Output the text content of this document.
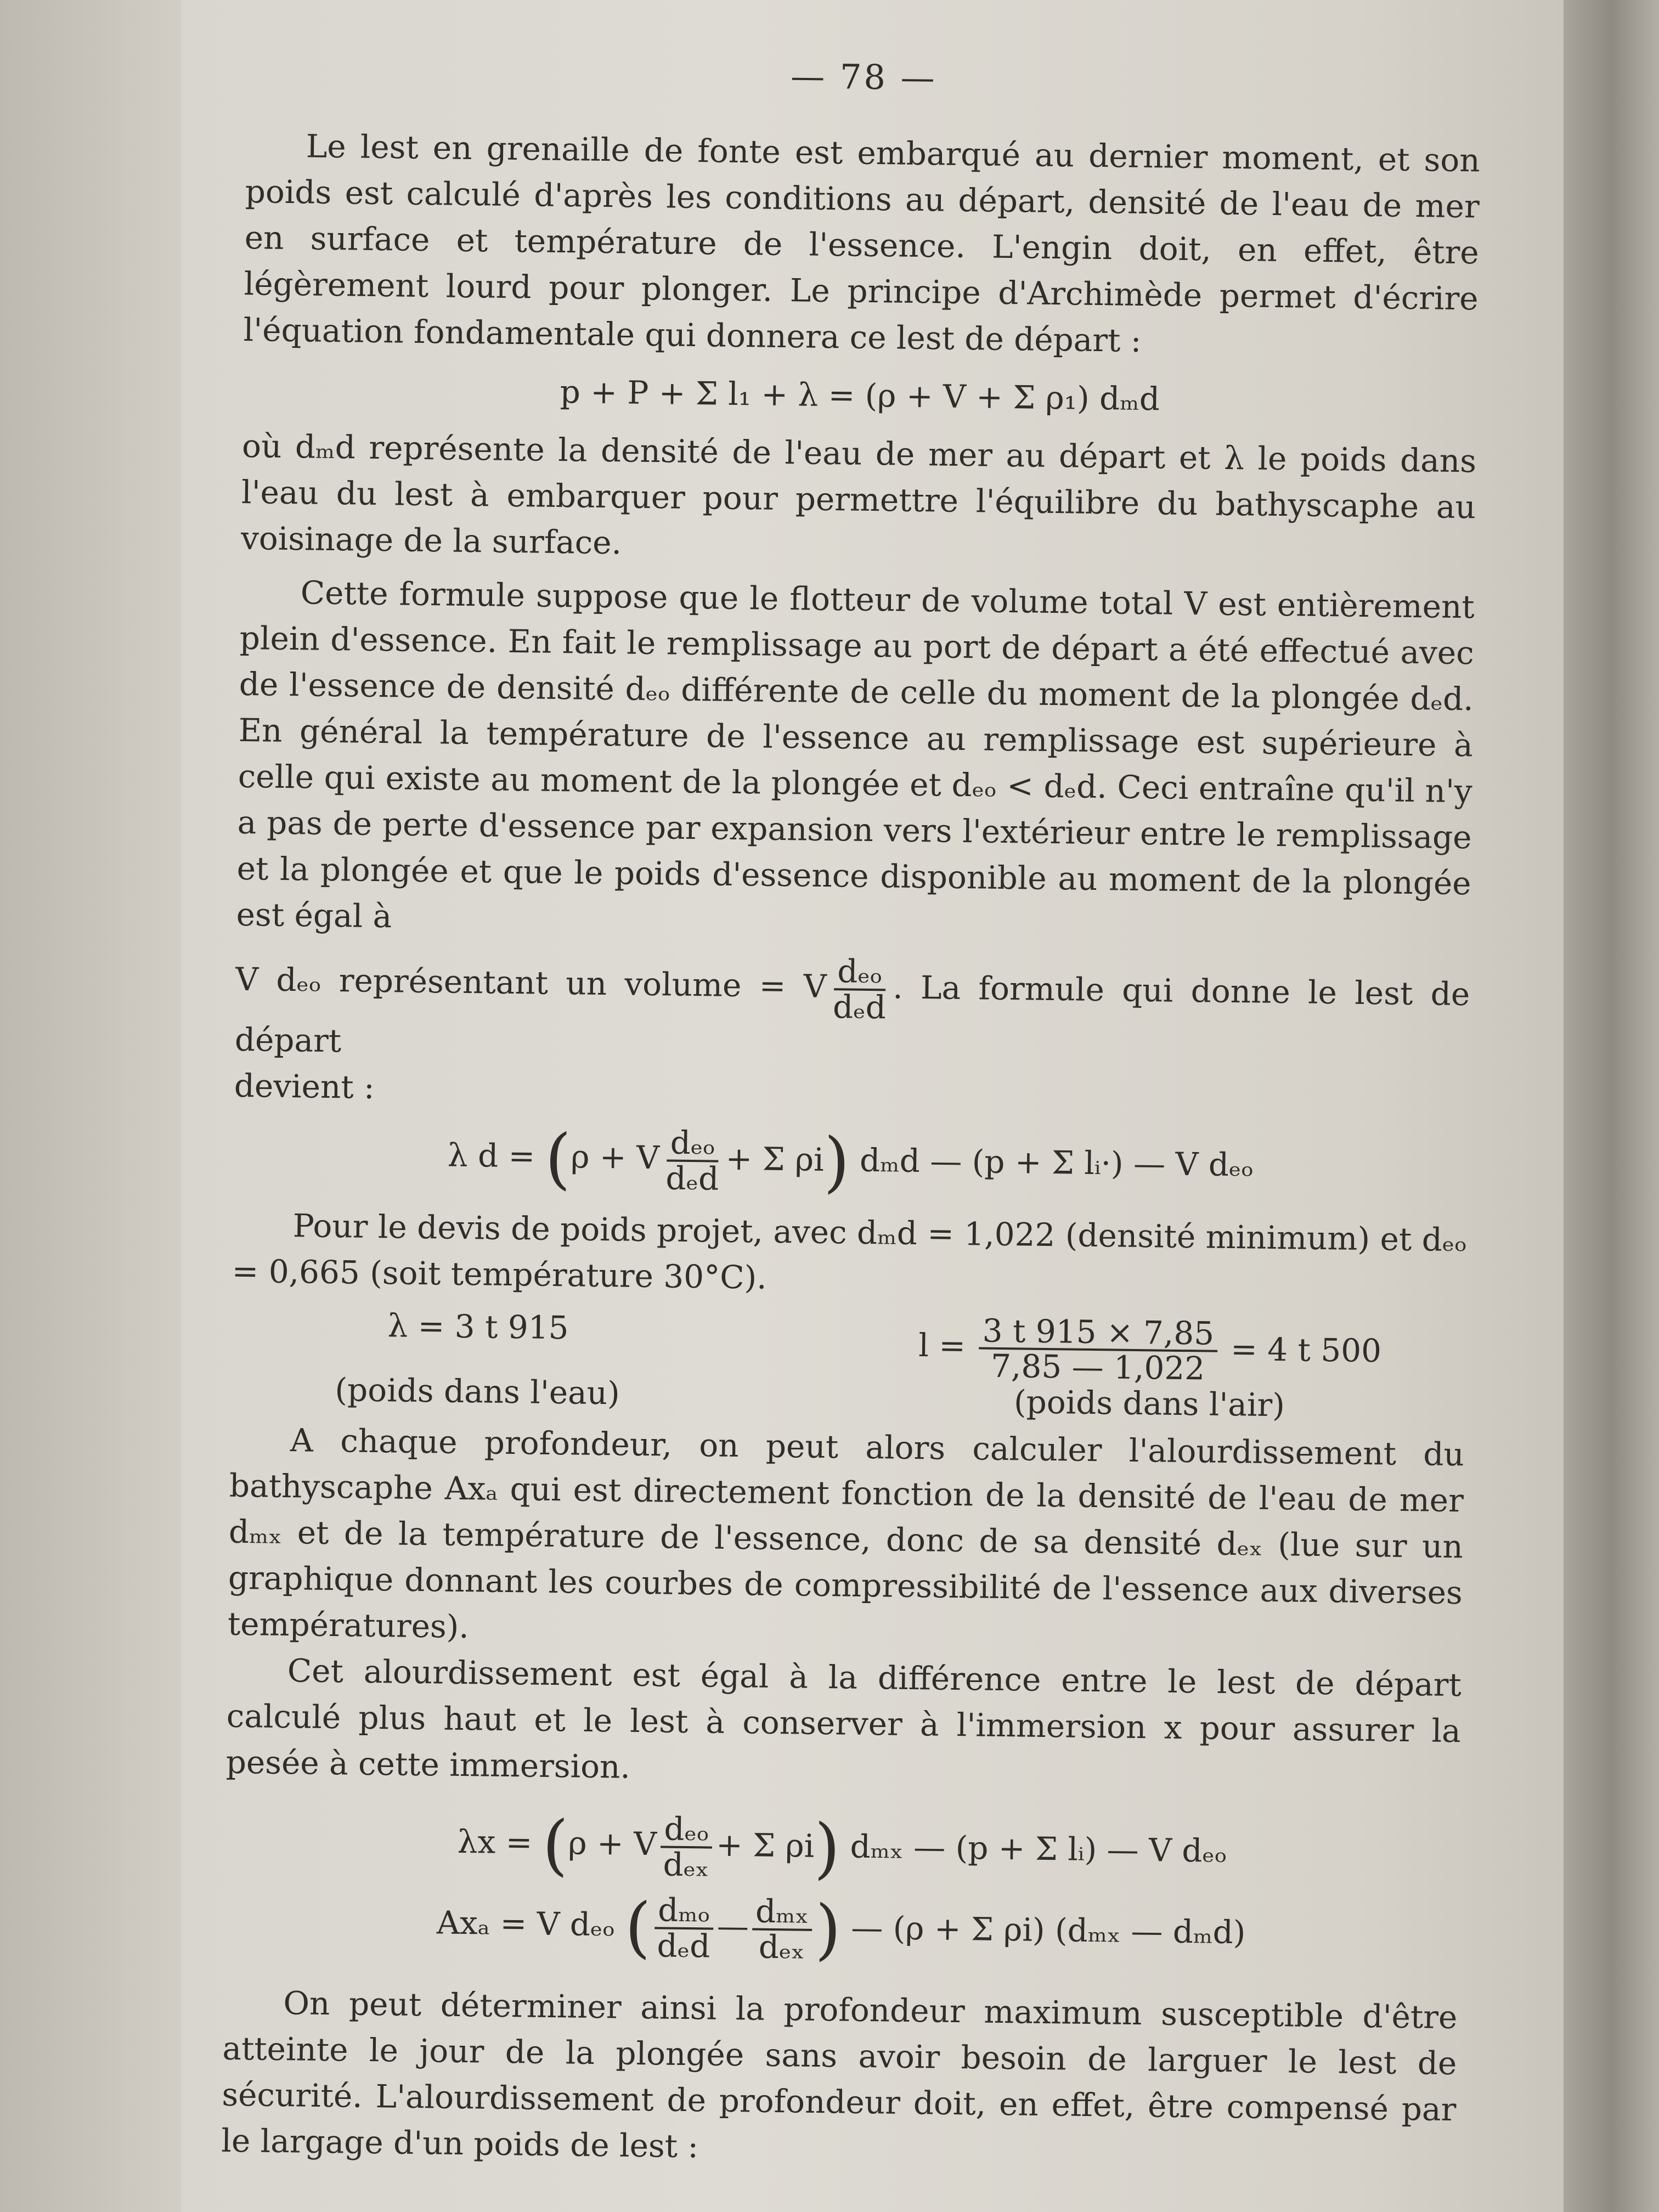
— 78 —

Le lest en grenaille de fonte est embarqué au dernier moment, et son poids est calculé d'après les conditions au départ, densité de l'eau de mer en surface et température de l'essence. L'engin doit, en effet, être légèrement lourd pour plonger. Le principe d'Archimède permet d'écrire l'équation fondamentale qui donnera ce lest de départ :

p + P + Σ l₁ + λ = (ρ + V + Σ ρ₁) dₘd

où dₘd représente la densité de l'eau de mer au départ et λ le poids dans l'eau du lest à embarquer pour permettre l'équilibre du bathyscaphe au voisinage de la surface.

Cette formule suppose que le flotteur de volume total V est entièrement plein d'essence. En fait le remplissage au port de départ a été effectué avec de l'essence de densité dₑₒ différente de celle du moment de la plongée dₑd. En général la température de l'essence au remplissage est supérieure à celle qui existe au moment de la plongée et dₑₒ < dₑd. Ceci entraîne qu'il n'y a pas de perte d'essence par expansion vers l'extérieur entre le remplissage et la plongée et que le poids d'essence disponible au moment de la plongée est égal à

V dₑₒ représentant un volume = V $\frac{\text{dₑₒ}}{\text{dₑd}}$ . La formule qui donne le lest de départ

devient :

λ d = (ρ + V $\frac{\text{dₑₒ}}{\text{dₑd}} + \Sigma$ ρi) dₘd — (p + Σ lᵢ·) — V dₑₒ

Pour le devis de poids projet, avec dₘd = 1,022 (densité minimum) et dₑₒ = 0,665 (soit température 30°C).

λ = 3 t 915
(poids dans l'eau)
$l = \frac{3 t 915 \times 7,85}{7,85 — 1,022} = 4$ t 500
(poids dans l'air)

A chaque profondeur, on peut alors calculer l'alourdissement du bathyscaphe Axₐ qui est directement fonction de la densité de l'eau de mer dₘₓ et de la température de l'essence, donc de sa densité dₑₓ (lue sur un graphique donnant les courbes de compressibilité de l'essence aux diverses températures).

Cet alourdissement est égal à la différence entre le lest de départ calculé plus haut et le lest à conserver à l'immersion x pour assurer la pesée à cette immersion.

λx = (ρ + V $\frac{\text{dₑₒ}}{\text{dₑₓ}} + \Sigma$ ρi) dₘₓ — (p + Σ lᵢ) — V dₑₒ
Axₐ = V dₑₒ ( $\frac{\text{dₘₒ}}{\text{dₑd}}$ — $\frac{\text{dₘₓ}}{\text{dₑₓ}}$ ) — (ρ + Σ ρi) (dₘₓ — dₘd)

On peut déterminer ainsi la profondeur maximum susceptible d'être atteinte le jour de la plongée sans avoir besoin de larguer le lest de sécurité. L'alourdissement de profondeur doit, en effet, être compensé par le largage d'un poids de lest :
